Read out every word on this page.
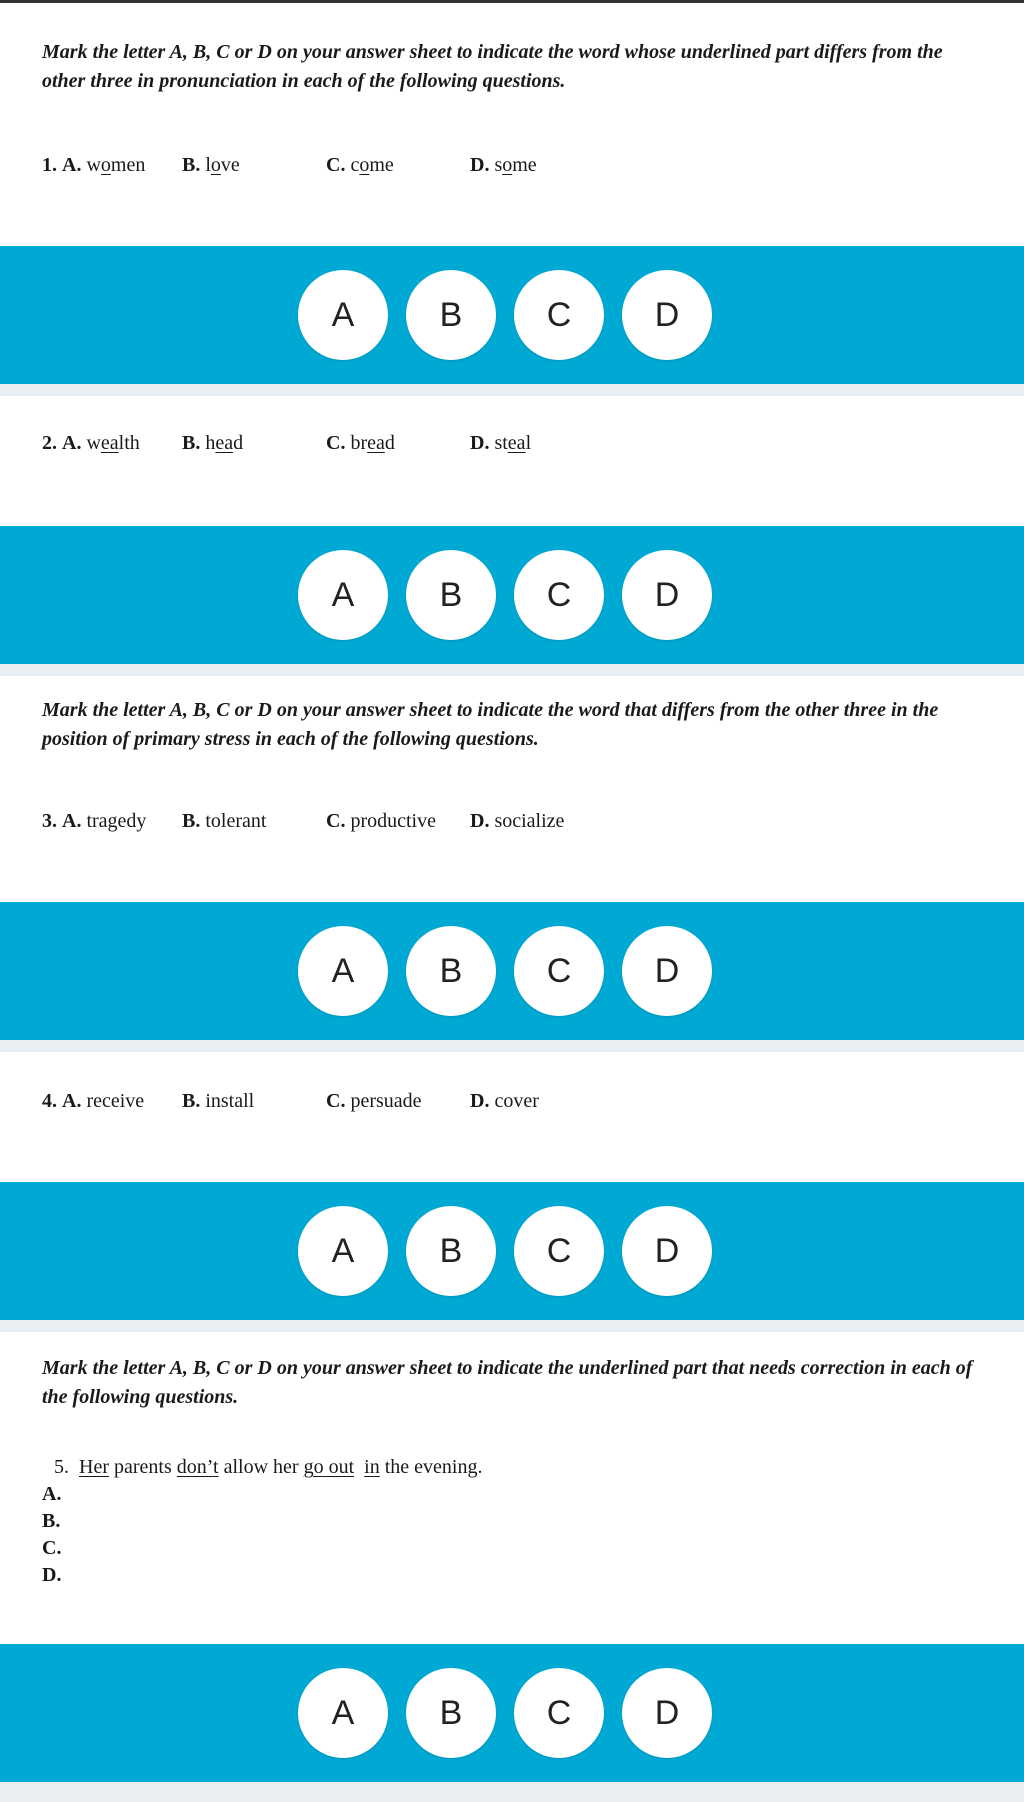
Mark the letter A, B, C or D on your answer sheet to indicate the word whose underlined part differs from the other three in pronunciation in each of the following questions.
1. A. women B. love	C. come	D. some
A	B	C	D
2. A. wealth B. head	C. bread	D. steal
A	B	C	D
Mark the letter A, B, C or D on your answer sheet to indicate the word that differs from the other three in the position of primary stress in each of the following questions.
3. A. tragedy B. tolerant	C. productive D. socialize
A	B	C	D
4. A. receive B. install	C. persuade D. cover
A	B	C	D
Mark the letter A, B, C or D on your answer sheet to indicate the underlined part that needs correction in each of the following questions.
5. Her parents don’t allow her go out in the evening.
A.
B.
C.
D.
A	B	C	D
